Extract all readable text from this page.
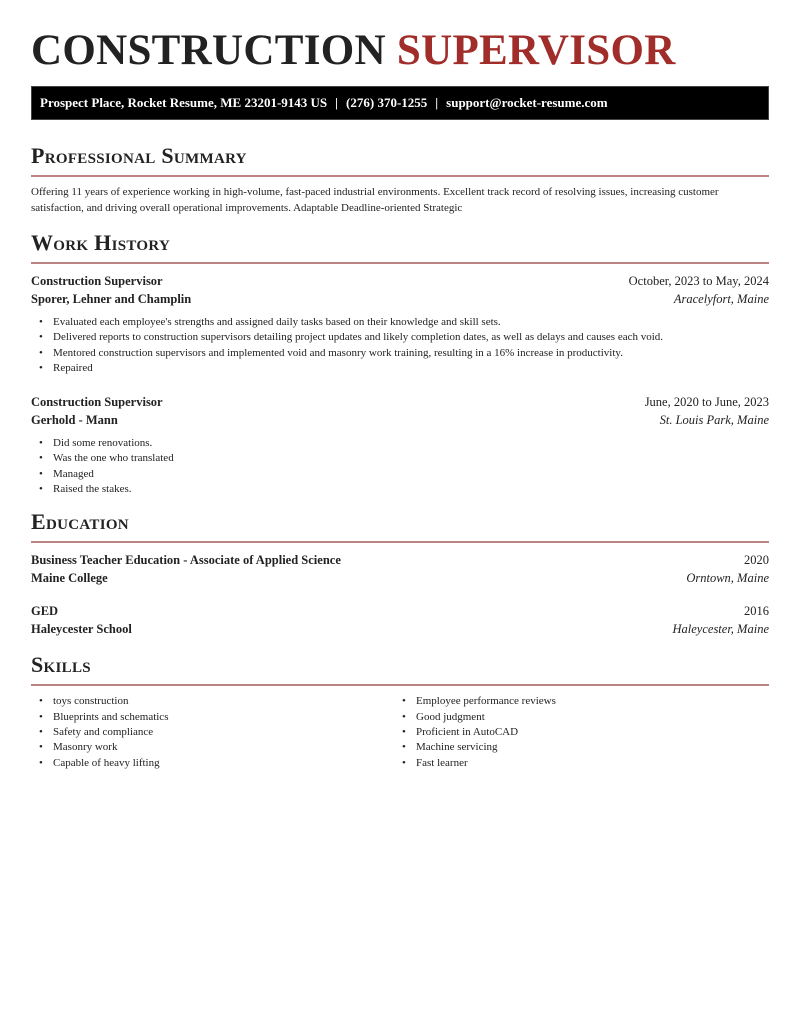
CONSTRUCTION SUPERVISOR
Prospect Place, Rocket Resume, ME 23201-9143 US | (276) 370-1255 | support@rocket-resume.com
Professional Summary

Offering 11 years of experience working in high-volume, fast-paced industrial environments. Excellent track record of resolving issues, increasing customer satisfaction, and driving overall operational improvements. Adaptable Deadline-oriented Strategic

Work History
Construction Supervisor	October, 2023 to May, 2024
Sporer, Lehner and Champlin	Aracelyfort, Maine
• Evaluated each employee's strengths and assigned daily tasks based on their knowledge and skill sets.
• Delivered reports to construction supervisors detailing project updates and likely completion dates, as well as delays and causes each void.
• Mentored construction supervisors and implemented void and masonry work training, resulting in a 16% increase in productivity.
• Repaired
Construction Supervisor	June, 2020 to June, 2023
Gerhold - Mann	St. Louis Park, Maine
• Did some renovations.
• Was the one who translated
• Managed
• Raised the stakes.
Education
Business Teacher Education - Associate of Applied Science	2020
Maine College	Orntown, Maine
GED	2016
Haleycester School	Haleycester, Maine
Skills
• toys construction
• Blueprints and schematics
• Safety and compliance
• Masonry work
• Capable of heavy lifting
• Employee performance reviews
• Good judgment
• Proficient in AutoCAD
• Machine servicing
• Fast learner
